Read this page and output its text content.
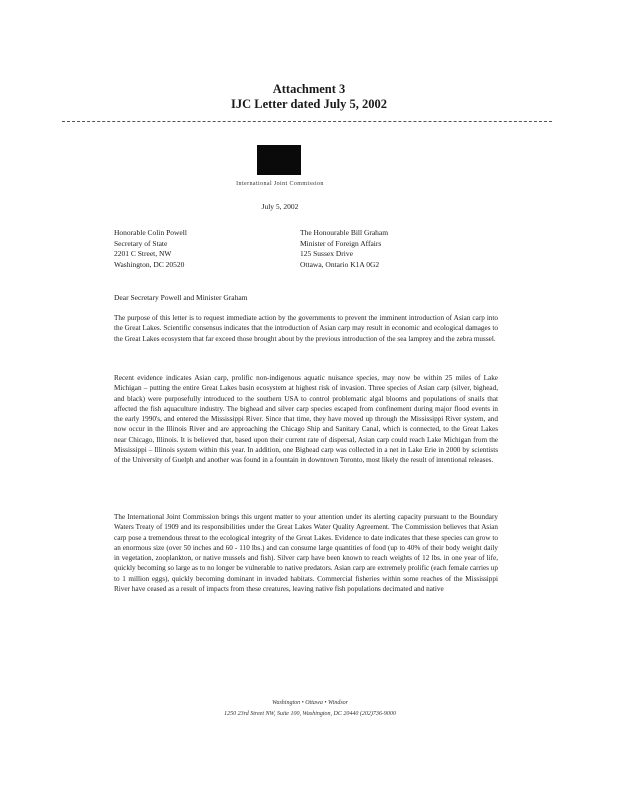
Attachment 3
IJC Letter dated July 5, 2002
International Joint Commission
July 5, 2002
Honorable Colin Powell
Secretary of State
2201 C Street, NW
Washington, DC 20520
The Honourable Bill Graham
Minister of Foreign Affairs
125 Sussex Drive
Ottawa, Ontario K1A 0G2
Dear Secretary Powell and Minister Graham
The purpose of this letter is to request immediate action by the governments to prevent the imminent introduction of Asian carp into the Great Lakes. Scientific consensus indicates that the introduction of Asian carp may result in economic and ecological damages to the Great Lakes ecosystem that far exceed those brought about by the previous introduction of the sea lamprey and the zebra mussel.
Recent evidence indicates Asian carp, prolific non-indigenous aquatic nuisance species, may now be within 25 miles of Lake Michigan – putting the entire Great Lakes basin ecosystem at highest risk of invasion. Three species of Asian carp (silver, bighead, and black) were purposefully introduced to the southern USA to control problematic algal blooms and populations of snails that affected the fish aquaculture industry. The bighead and silver carp species escaped from confinement during major flood events in the early 1990's, and entered the Mississippi River. Since that time, they have moved up through the Mississippi River system, and now occur in the Illinois River and are approaching the Chicago Ship and Sanitary Canal, which is connected, to the Great Lakes near Chicago, Illinois. It is believed that, based upon their current rate of dispersal, Asian carp could reach Lake Michigan from the Mississippi – Illinois system within this year. In addition, one Bighead carp was collected in a net in Lake Erie in 2000 by scientists of the University of Guelph and another was found in a fountain in downtown Toronto, most likely the result of intentional releases.
The International Joint Commission brings this urgent matter to your attention under its alerting capacity pursuant to the Boundary Waters Treaty of 1909 and its responsibilities under the Great Lakes Water Quality Agreement. The Commission believes that Asian carp pose a tremendous threat to the ecological integrity of the Great Lakes. Evidence to date indicates that these species can grow to an enormous size (over 50 inches and 60 - 110 lbs.) and can consume large quantities of food (up to 40% of their body weight daily in vegetation, zooplankton, or native mussels and fish). Silver carp have been known to reach weights of 12 lbs. in one year of life, quickly becoming so large as to no longer be vulnerable to native predators. Asian carp are extremely prolific (each female carries up to 1 million eggs), quickly becoming dominant in invaded habitats. Commercial fisheries within some reaches of the Mississippi River have ceased as a result of impacts from these creatures, leaving native fish populations decimated and native
Washington • Ottawa • Windsor
1250 23rd Street NW, Suite 100, Washington, DC 20440 (202)736-9000
